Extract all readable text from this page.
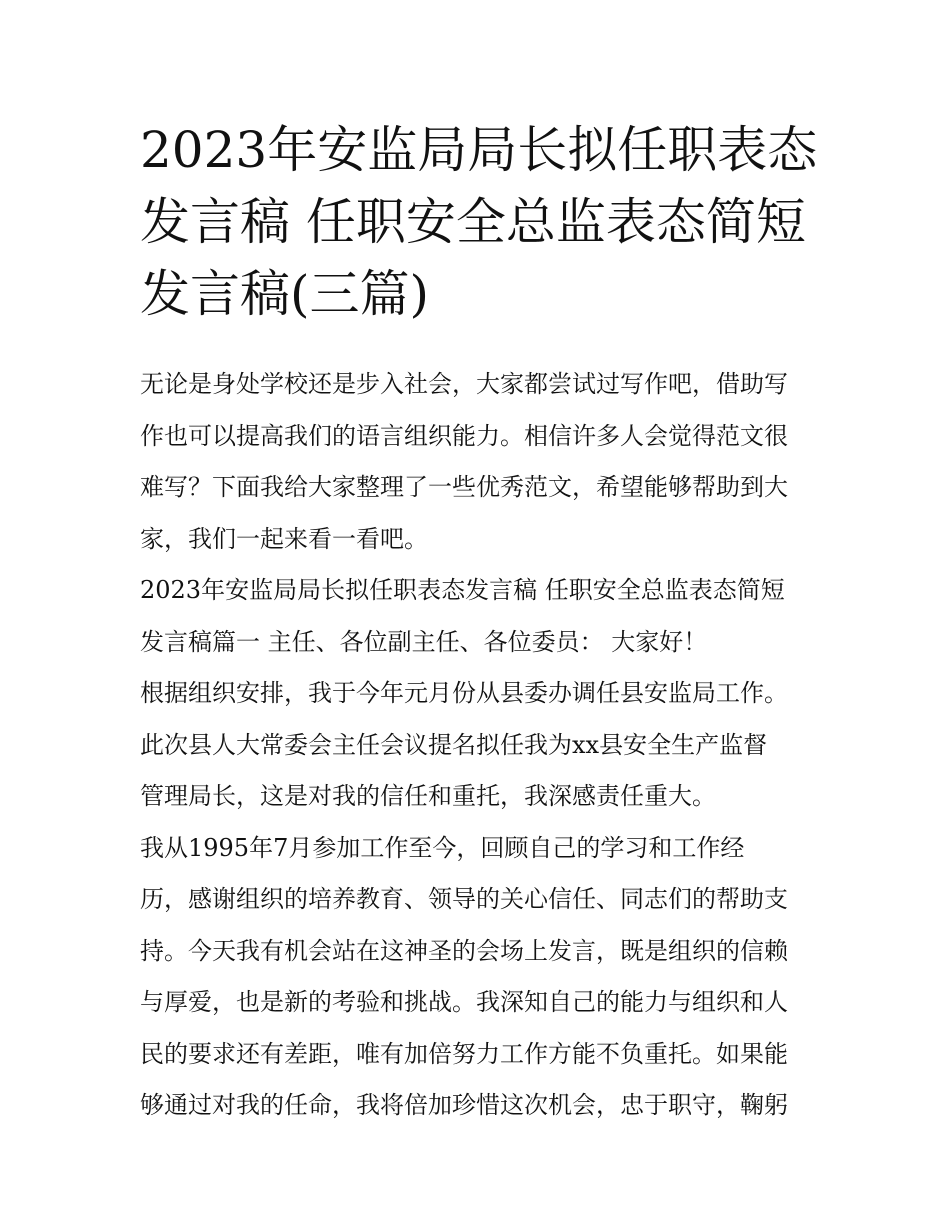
2023年安监局局长拟任职表态
发言稿 任职安全总监表态简短
发言稿(三篇)
无论是身处学校还是步入社会，大家都尝试过写作吧，借助写
作也可以提高我们的语言组织能力。相信许多人会觉得范文很
难写？下面我给大家整理了一些优秀范文，希望能够帮助到大
家，我们一起来看一看吧。
2023年安监局局长拟任职表态发言稿 任职安全总监表态简短
发言稿篇一 主任、各位副主任、各位委员： 大家好！
根据组织安排，我于今年元月份从县委办调任县安监局工作。
此次县人大常委会主任会议提名拟任我为xx县安全生产监督
管理局长，这是对我的信任和重托，我深感责任重大。
我从1995年7月参加工作至今，回顾自己的学习和工作经
历，感谢组织的培养教育、领导的关心信任、同志们的帮助支
持。今天我有机会站在这神圣的会场上发言，既是组织的信赖
与厚爱，也是新的考验和挑战。我深知自己的能力与组织和人
民的要求还有差距，唯有加倍努力工作方能不负重托。如果能
够通过对我的任命，我将倍加珍惜这次机会，忠于职守，鞠躬
